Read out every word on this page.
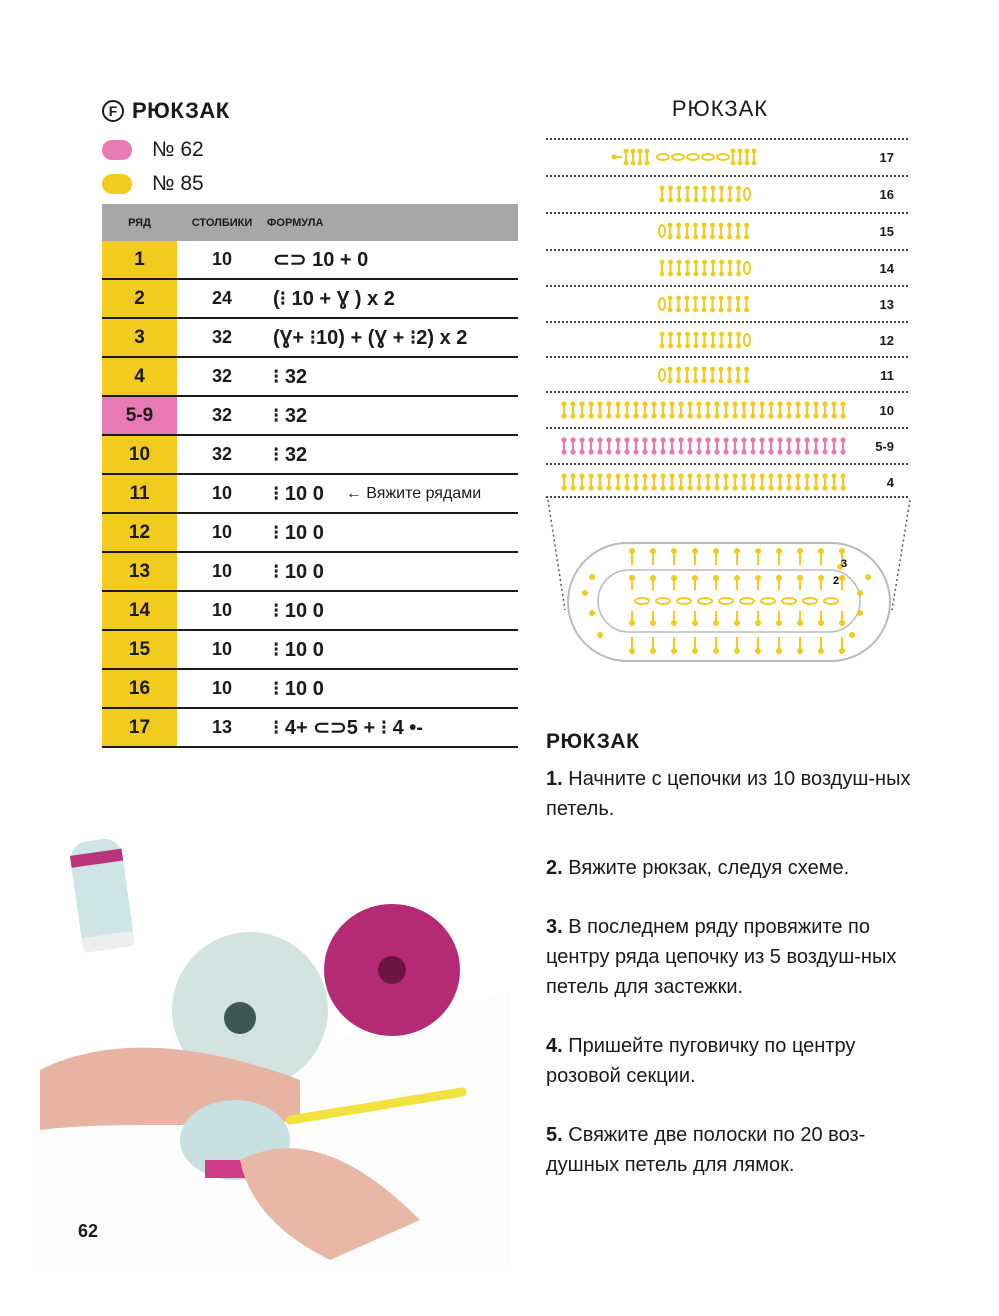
F РЮКЗАК
№ 62
№ 85
РЯД	СТОЛБИКИ	ФОРМУЛА
1	10	⊂⊃ 10 + 0
2	24	(⁝ 10 + Ɣ ) x 2
3	32	(Ɣ+ ⁝10) + (Ɣ + ⁝2) x 2
4	32	⁝ 32
5-9	32	⁝ 32
10	32	⁝ 32
11	10	⁝ 10 0 ← Вяжите рядами
12	10	⁝ 10 0
13	10	⁝ 10 0
14	10	⁝ 10 0
15	10	⁝ 10 0
16	10	⁝ 10 0
17	13	⁝ 4+ ⊂⊃5 + ⁝ 4 •-
РЮКЗАК
17
16
15
14
13
12
11
10
5-9
4
3
2
РЮКЗАК

1. Начните с цепочки из 10 воздуш-ных петель.

2. Вяжите рюкзак, следуя схеме.

3. В последнем ряду провяжите по центру ряда цепочку из 5 воздуш-ных петель для застежки.

4. Пришейте пуговичку по центру розовой секции.

5. Свяжите две полоски по 20 воз-душных петель для лямок.

62
